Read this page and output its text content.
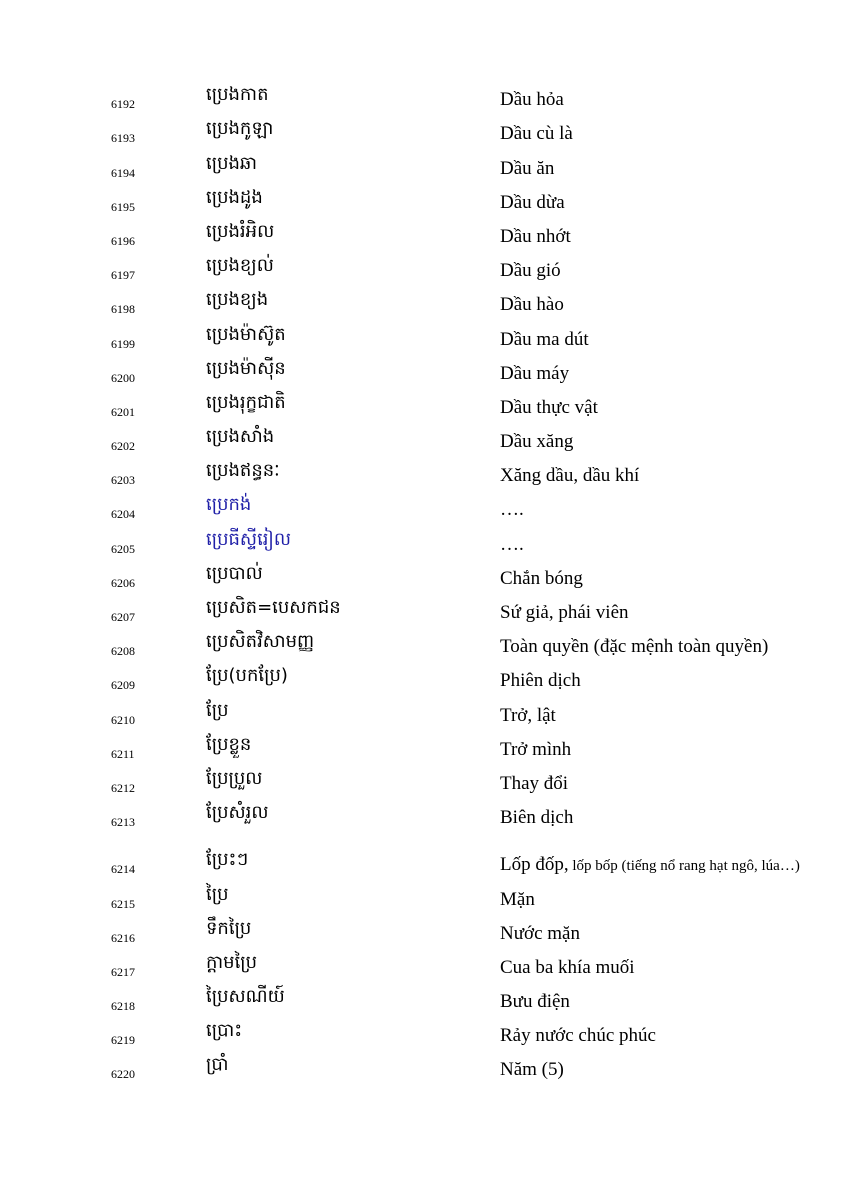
6192	ប្រេងកាត	Dầu hỏa
6193	ប្រេងកូឡា	Dầu cù là
6194	ប្រេងឆា	Dầu ăn
6195	ប្រេងដូង	Dầu dừa
6196	ប្រេងរំអិល	Dầu nhớt
6197	ប្រេងខ្យល់	Dầu gió
6198	ប្រេងខ្យង	Dầu hào
6199	ប្រេងម៉ាស៊ូត	Dầu ma dút
6200	ប្រេងម៉ាស៊ីន	Dầu máy
6201	ប្រេងរុក្ខជាតិ	Dầu thực vật
6202	ប្រេងសាំង	Dầu xăng
6203	ប្រេងឥន្ធនៈ	Xăng dầu, dầu khí
6204	ប្រេកង់	….
6205	ប្រេធីស្ទីរៀល	….
6206	ប្រេបាល់	Chắn bóng
6207	ប្រេសិត=បេសកជន	Sứ giả, phái viên
6208	ប្រេសិតវិសាមញ្ញ	Toàn quyền (đặc mệnh toàn quyền)
6209	ប្រែ(បកប្រែ)	Phiên dịch
6210	ប្រែ	Trở, lật
6211	ប្រែខ្លួន	Trở mình
6212	ប្រែប្រួល	Thay đổi
6213	ប្រែសំរួល	Biên dịch
6214	ប្រែះៗ	Lốp đốp, lốp bốp (tiếng nổ rang hạt ngô, lúa…)
6215	ប្រៃ	Mặn
6216	ទឹកប្រៃ	Nước mặn
6217	ក្ដាមប្រៃ	Cua ba khía muối
6218	ប្រៃសណីយ៍	Bưu điện
6219	ប្រោះ	Rảy nước chúc phúc
6220	ប្រាំ	Năm (5)
